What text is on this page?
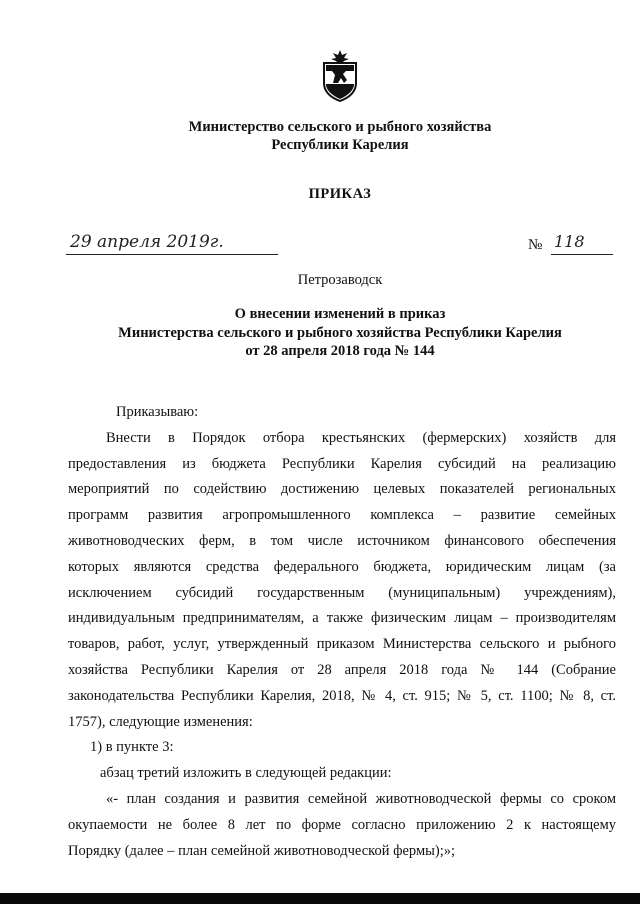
Министерство сельского и рыбного хозяйства
Республики Карелия
ПРИКАЗ
29 апреля 2019г.	№ 118
Петрозаводск
О внесении изменений в приказ
Министерства сельского и рыбного хозяйства Республики Карелия
от 28 апреля 2018 года № 144
Приказываю:
Внести в Порядок отбора крестьянских (фермерских) хозяйств для
предоставления из бюджета Республики Карелия субсидий на реализацию
мероприятий по содействию достижению целевых показателей региональных
программ развития агропромышленного комплекса – развитие семейных
животноводческих ферм, в том числе источником финансового обеспечения
которых являются средства федерального бюджета, юридическим лицам (за
исключением субсидий государственным (муниципальным) учреждениям),
индивидуальным предпринимателям, а также физическим лицам – производителям
товаров, работ, услуг, утвержденный приказом Министерства сельского и рыбного
хозяйства Республики Карелия от 28 апреля 2018 года № 144 (Собрание
законодательства Республики Карелия, 2018, № 4, ст. 915; № 5, ст. 1100; № 8, ст.
1757), следующие изменения:
1) в пункте 3:
абзац третий изложить в следующей редакции:
«- план создания и развития семейной животноводческой фермы со сроком
окупаемости не более 8 лет по форме согласно приложению 2 к настоящему
Порядку (далее – план семейной животноводческой фермы);»;
